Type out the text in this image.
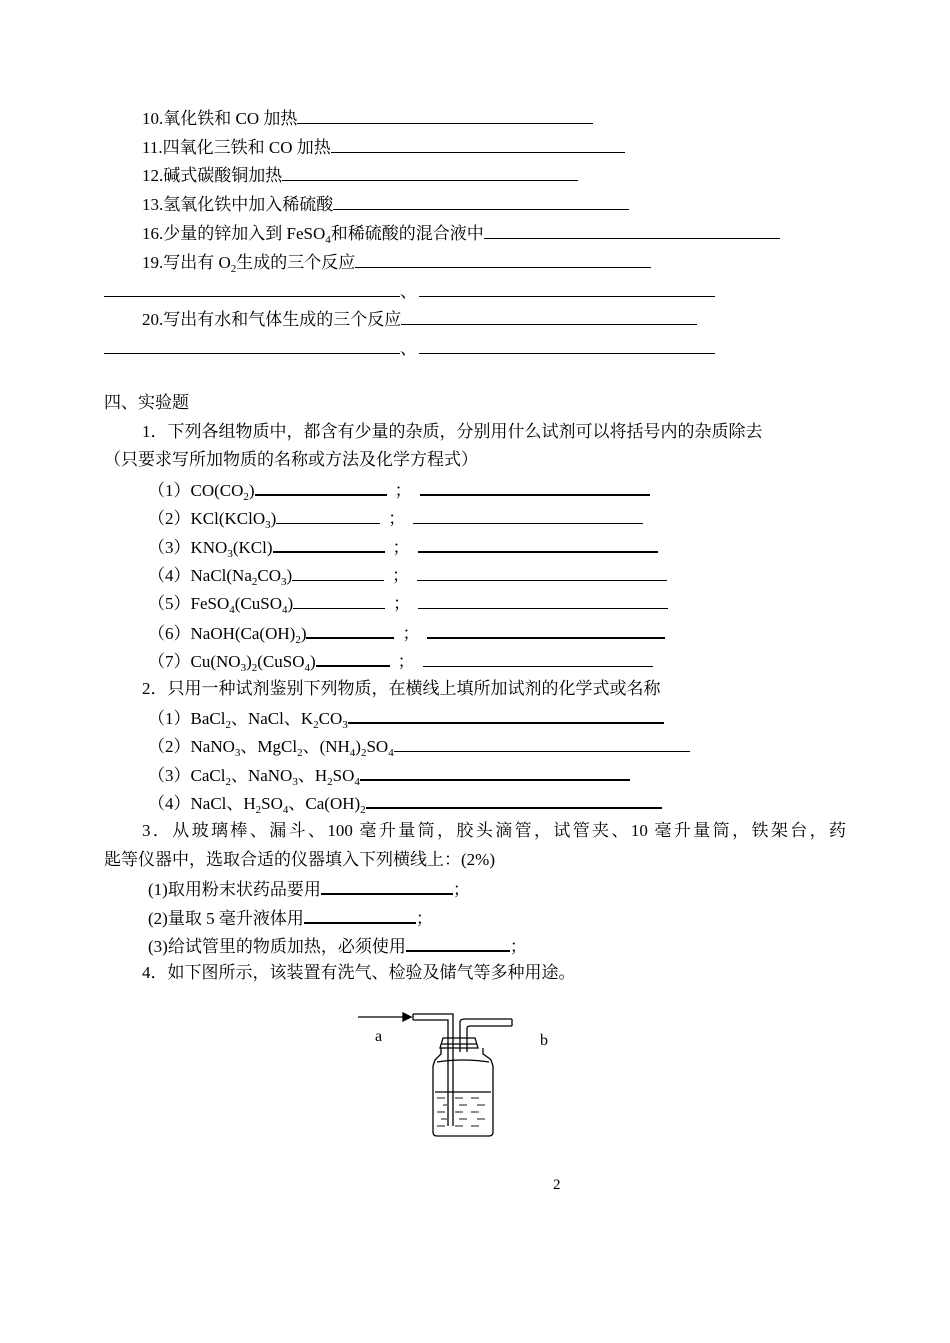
10.氧化铁和 CO 加热
11.四氧化三铁和 CO 加热
12.碱式碳酸铜加热
13.氢氧化铁中加入稀硫酸
16.少量的锌加入到 FeSO$_4$和稀硫酸的混合液中
19.写出有 $O_2$生成的三个反应
、
20.写出有水和气体生成的三个反应
、
四、实验题
1．下列各组物质中，都含有少量的杂质，分别用什么试剂可以将括号内的杂质除去
（只要求写所加物质的名称或方法及化学方程式）
$(1)CO(CO_2)$	；
（2）KCl(KClO$_3$)	；
$(3)KNO_3(KCl)$	；
$(4)NaCl(Na_2CO_3)$	；
（5）FeSO$_4$(CuSO$_4$)	；
$(6)NaOH(Ca(OH)_2)$	；
$(7)Cu(NO_3)_2(CuSO_4)$	；
2．只用一种试剂鉴别下列物质，在横线上填所加试剂的化学式或名称
（1）BaCl$_2$、NaCl、$K_2CO_3$
（2）NaNO$_3$、MgCl$_2$、$(NH_4)_2SO_4$
（3）CaCl$_2$、NaNO$_3$、$H_2SO_4$
（4）NaCl、$H_2SO_4$、$Ca(OH)_2$
3．从玻璃棒、漏斗、100 毫升量筒，胶头滴管，试管夹、10 毫升量筒，铁架台，药
匙等仪器中，选取合适的仪器填入下列横线上：(2%)
(1)取用粉末状药品要用	；
(2)量取 5 毫升液体用	；
(3)给试管里的物质加热，必须使用	；
4．如下图所示，该装置有洗气、检验及储气等多种用途。
a	b
2
